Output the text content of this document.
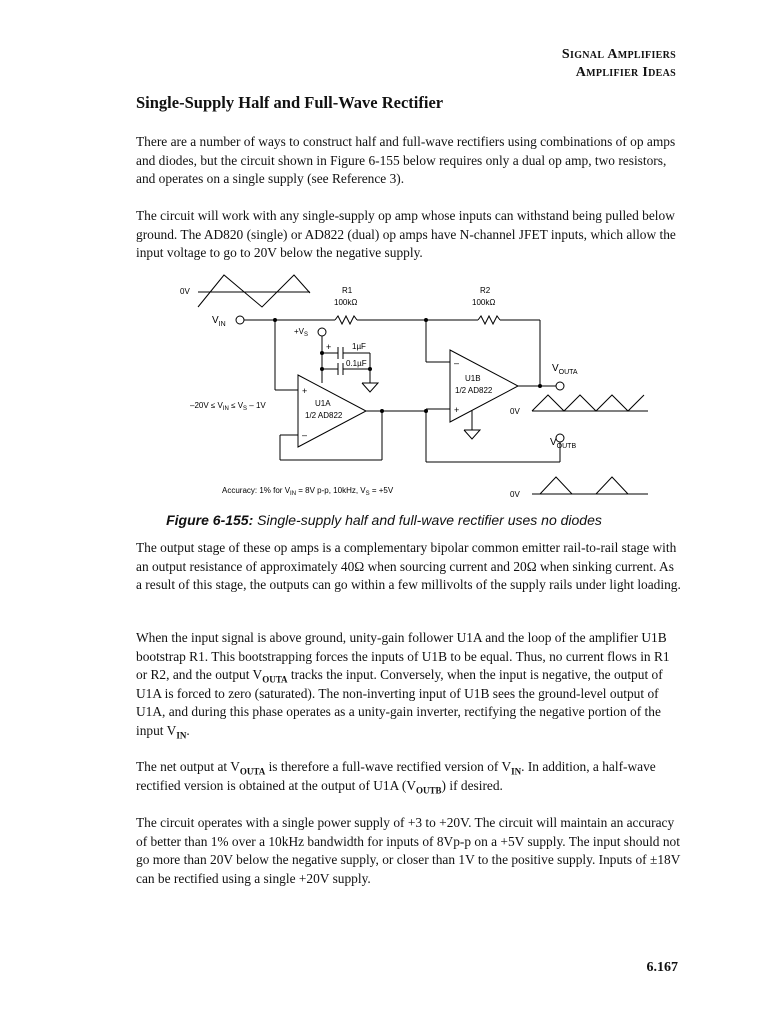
Signal Amplifiers
Amplifier Ideas
Single-Supply Half and Full-Wave Rectifier

There are a number of ways to construct half and full-wave rectifiers using combinations of op amps and diodes, but the circuit shown in Figure 6-155 below requires only a dual op amp, two resistors, and operates on a single supply (see Reference 3).

The circuit will work with any single-supply op amp whose inputs can withstand being pulled below ground. The AD820 (single) or AD822 (dual) op amps have N-channel JFET inputs, which allow the input voltage to go to 20V below the negative supply.

0V
$V_{IN}$
R1
100kΩ
R2
100kΩ
$+V_S$
+	1µF
0.1µF
$-20V \le V_{IN} \le V_S - 1V$	U1A
1/2 AD822
+
–
U1B
1/2 AD822
–
+
$V_{OUTA}$
$V_{OUTB}$
0V
0V
Accuracy: 1% for $V_{IN} = 8V$ p-p, 10kHz, $V_S = +5V$
Figure 6-155: Single-supply half and full-wave rectifier uses no diodes

The output stage of these op amps is a complementary bipolar common emitter rail-to-rail stage with an output resistance of approximately 40Ω when sourcing current and 20Ω when sinking current. As a result of this stage, the outputs can go within a few millivolts of the supply rails under light loading.

When the input signal is above ground, unity-gain follower U1A and the loop of the amplifier U1B bootstrap R1. This bootstrapping forces the inputs of U1B to be equal. Thus, no current flows in R1 or R2, and the output $V_{OUTA}$ tracks the input. Conversely, when the input is negative, the output of U1A is forced to zero (saturated). The non-inverting input of U1B sees the ground-level output of U1A, and during this phase operates as a unity-gain inverter, rectifying the negative portion of the input $V_{IN}$.

The net output at $V_{OUTA}$ is therefore a full-wave rectified version of $V_{IN}$. In addition, a half-wave rectified version is obtained at the output of U1A $(V_{OUTB})$ if desired.

The circuit operates with a single power supply of +3 to +20V. The circuit will maintain an accuracy of better than 1% over a 10kHz bandwidth for inputs of 8Vp-p on a +5V supply. The input should not go more than 20V below the negative supply, or closer than 1V to the positive supply. Inputs of ±18V can be rectified using a single +20V supply.

6.167
